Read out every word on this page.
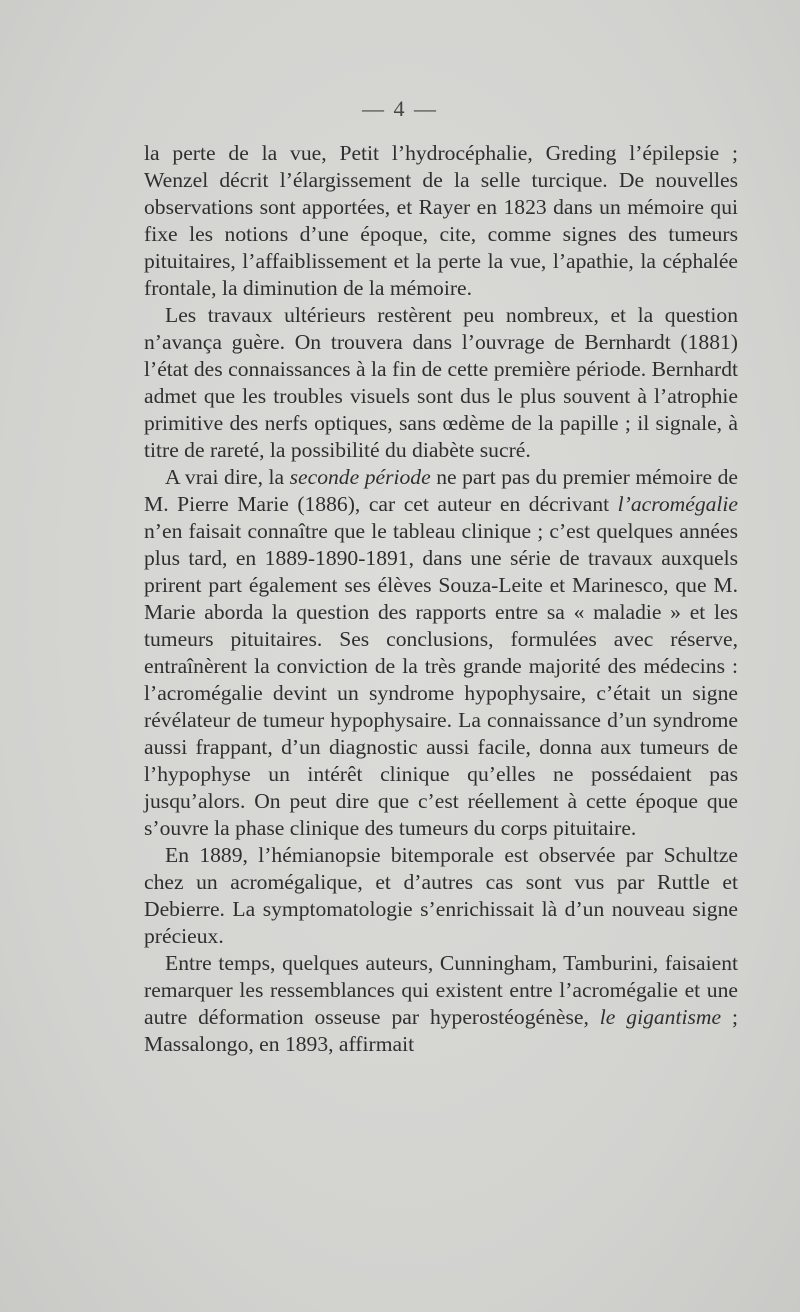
— 4 —

la perte de la vue, Petit l’hydrocéphalie, Greding l’épilepsie ; Wenzel décrit l’élargissement de la selle turcique. De nouvelles observations sont apportées, et Rayer en 1823 dans un mémoire qui fixe les notions d’une époque, cite, comme signes des tumeurs pituitaires, l’affaiblissement et la perte la vue, l’apathie, la céphalée frontale, la diminution de la mémoire.

Les travaux ultérieurs restèrent peu nombreux, et la question n’avança guère. On trouvera dans l’ouvrage de Bernhardt (1881) l’état des connaissances à la fin de cette première période. Bernhardt admet que les troubles visuels sont dus le plus souvent à l’atrophie primitive des nerfs optiques, sans œdème de la papille ; il signale, à titre de rareté, la possibilité du diabète sucré.

A vrai dire, la seconde période ne part pas du premier mémoire de M. Pierre Marie (1886), car cet auteur en décrivant l’acromégalie n’en faisait connaître que le tableau clinique ; c’est quelques années plus tard, en 1889-1890-1891, dans une série de travaux auxquels prirent part également ses élèves Souza-Leite et Marinesco, que M. Marie aborda la question des rapports entre sa « maladie » et les tumeurs pituitaires. Ses conclusions, formulées avec réserve, entraînèrent la conviction de la très grande majorité des médecins : l’acromégalie devint un syndrome hypophysaire, c’était un signe révélateur de tumeur hypophysaire. La connaissance d’un syndrome aussi frappant, d’un diagnostic aussi facile, donna aux tumeurs de l’hypophyse un intérêt clinique qu’elles ne possédaient pas jusqu’alors. On peut dire que c’est réellement à cette époque que s’ouvre la phase clinique des tumeurs du corps pituitaire.

En 1889, l’hémianopsie bitemporale est observée par Schultze chez un acromégalique, et d’autres cas sont vus par Ruttle et Debierre. La symptomatologie s’enrichissait là d’un nouveau signe précieux.

Entre temps, quelques auteurs, Cunningham, Tamburini, faisaient remarquer les ressemblances qui existent entre l’acromégalie et une autre déformation osseuse par hyperostéogénèse, le gigantisme ; Massalongo, en 1893, affirmait
